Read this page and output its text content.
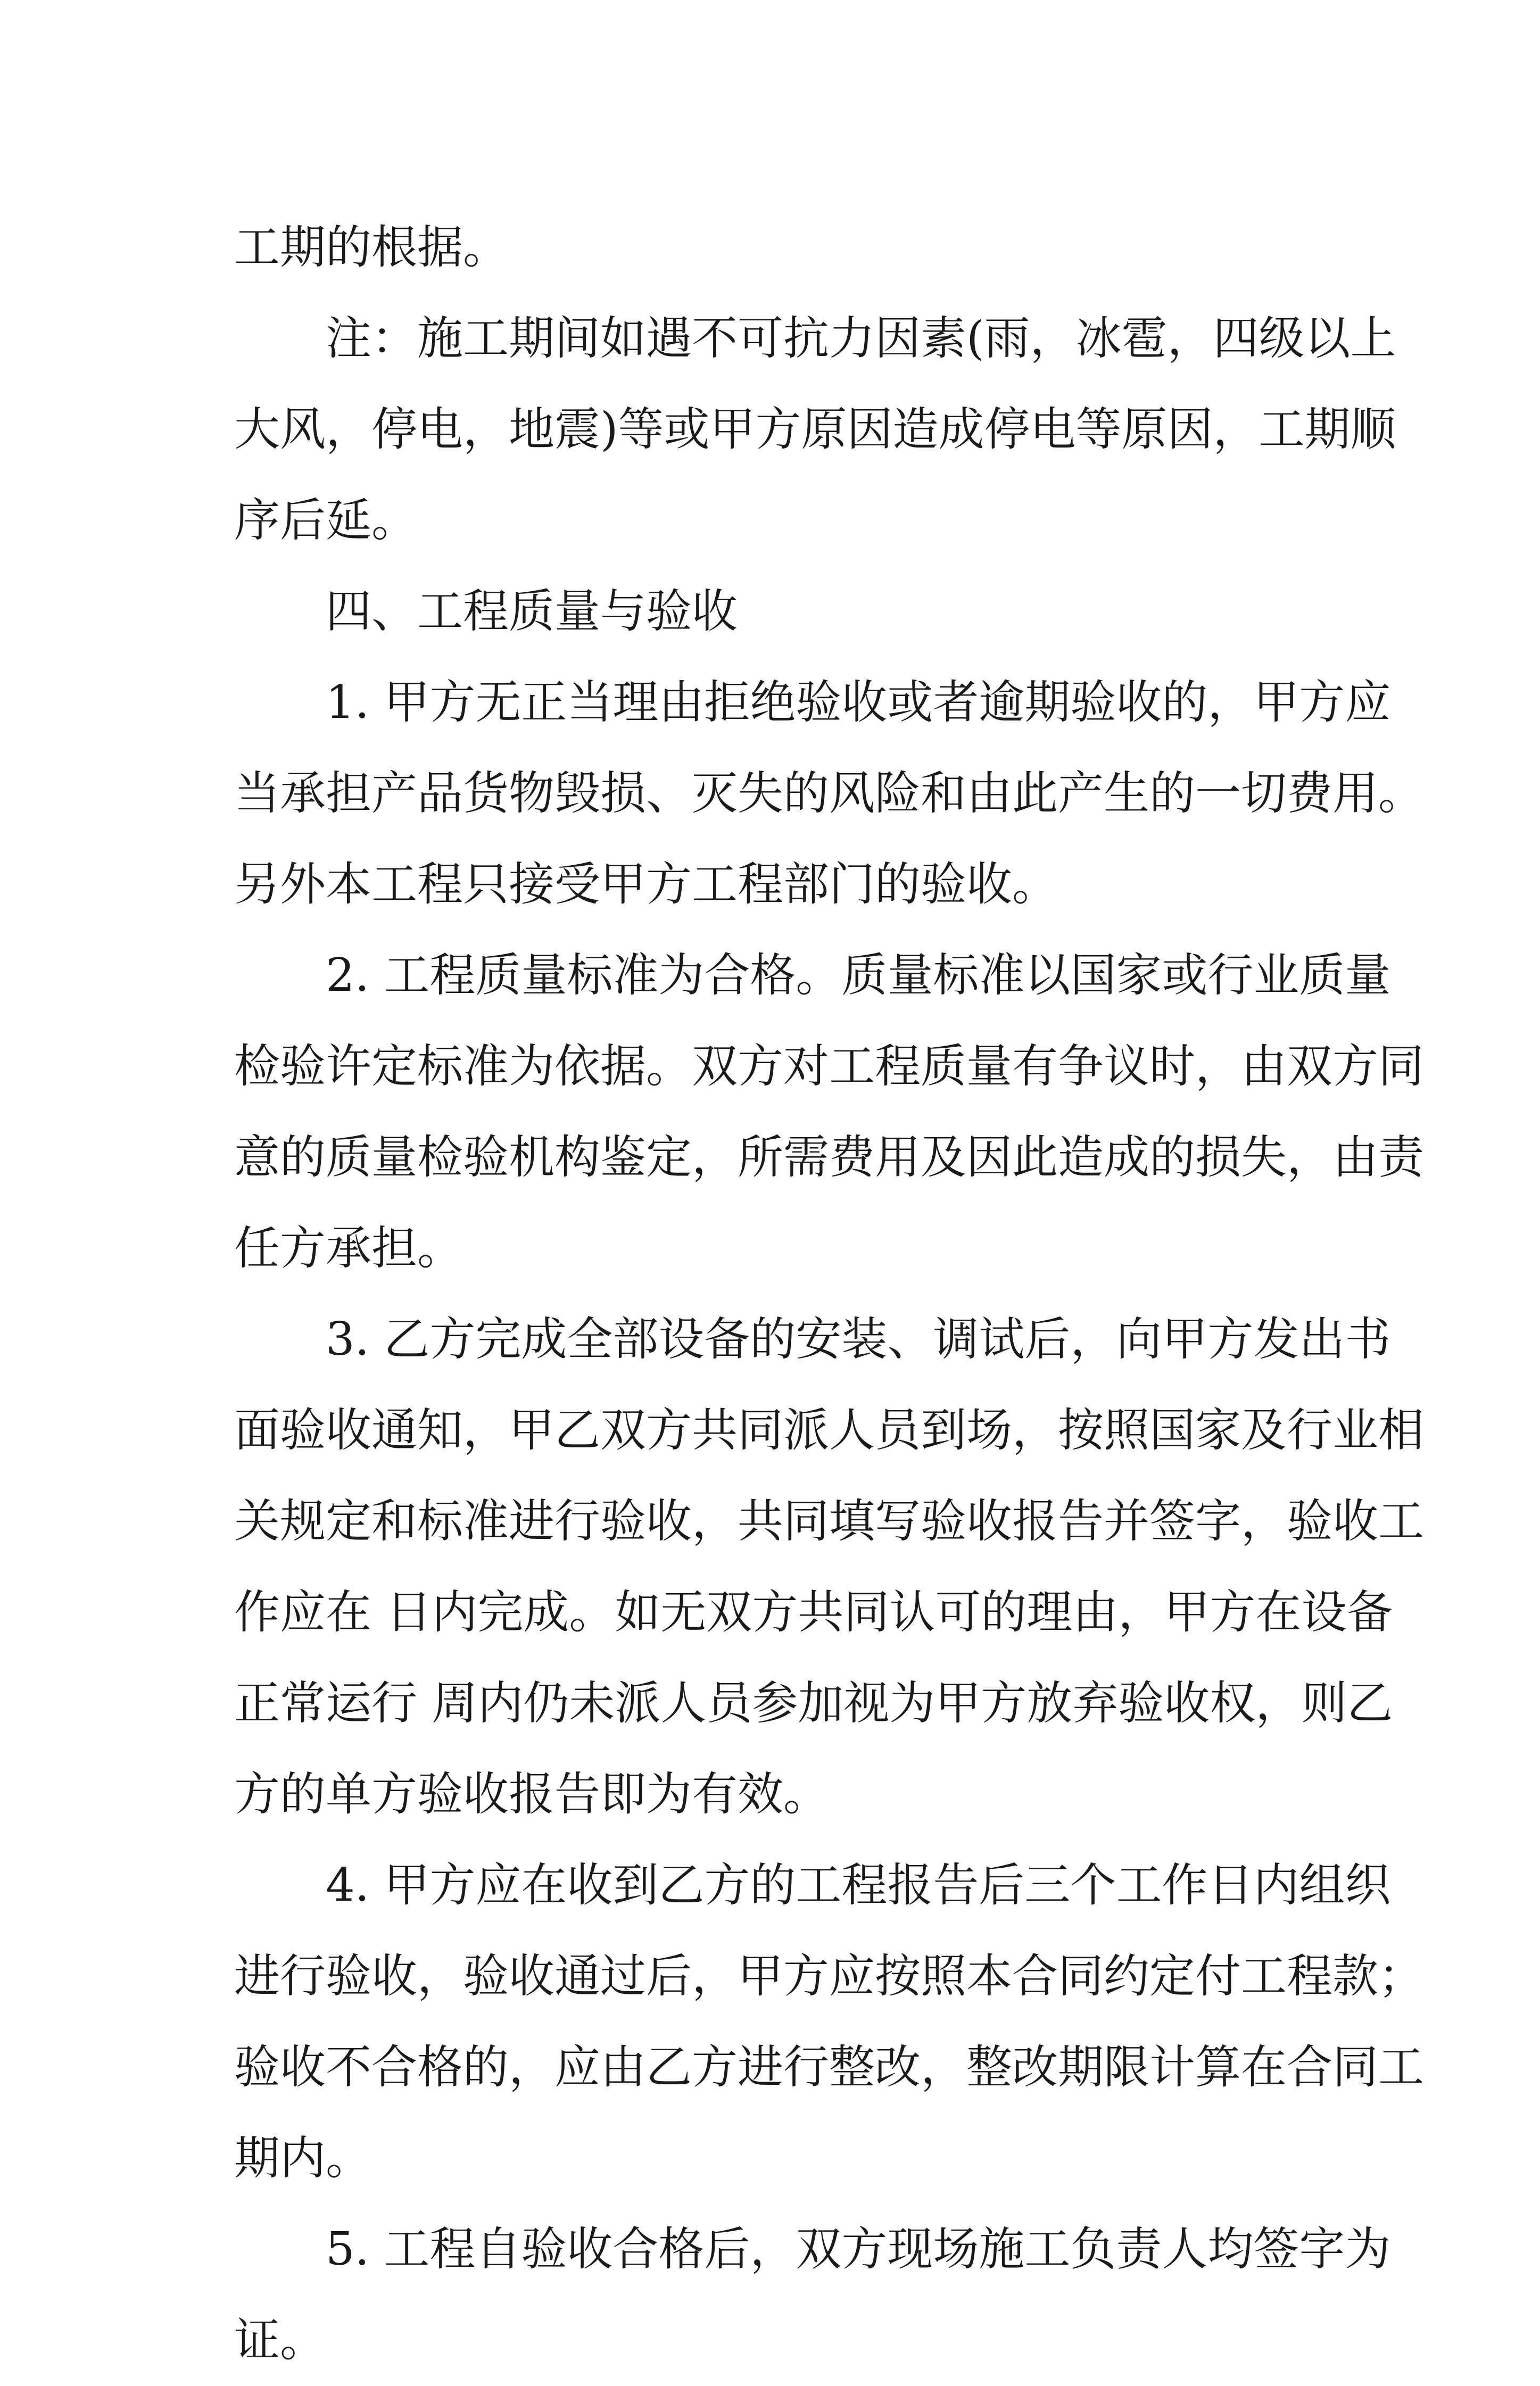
工期的根据。
注：施工期间如遇不可抗力因素(雨，冰雹，四级以上
大风，停电，地震)等或甲方原因造成停电等原因，工期顺
序后延。
四、工程质量与验收
1. 甲方无正当理由拒绝验收或者逾期验收的，甲方应
当承担产品货物毁损、灭失的风险和由此产生的一切费用。
另外本工程只接受甲方工程部门的验收。
2. 工程质量标准为合格。质量标准以国家或行业质量
检验许定标准为依据。双方对工程质量有争议时，由双方同
意的质量检验机构鉴定，所需费用及因此造成的损失，由责
任方承担。
3. 乙方完成全部设备的安装、调试后，向甲方发出书
面验收通知，甲乙双方共同派人员到场，按照国家及行业相
关规定和标准进行验收，共同填写验收报告并签字，验收工
作应在 日内完成。如无双方共同认可的理由，甲方在设备
正常运行 周内仍未派人员参加视为甲方放弃验收权，则乙
方的单方验收报告即为有效。
4. 甲方应在收到乙方的工程报告后三个工作日内组织
进行验收，验收通过后，甲方应按照本合同约定付工程款；
验收不合格的，应由乙方进行整改，整改期限计算在合同工
期内。
5. 工程自验收合格后，双方现场施工负责人均签字为
证。
